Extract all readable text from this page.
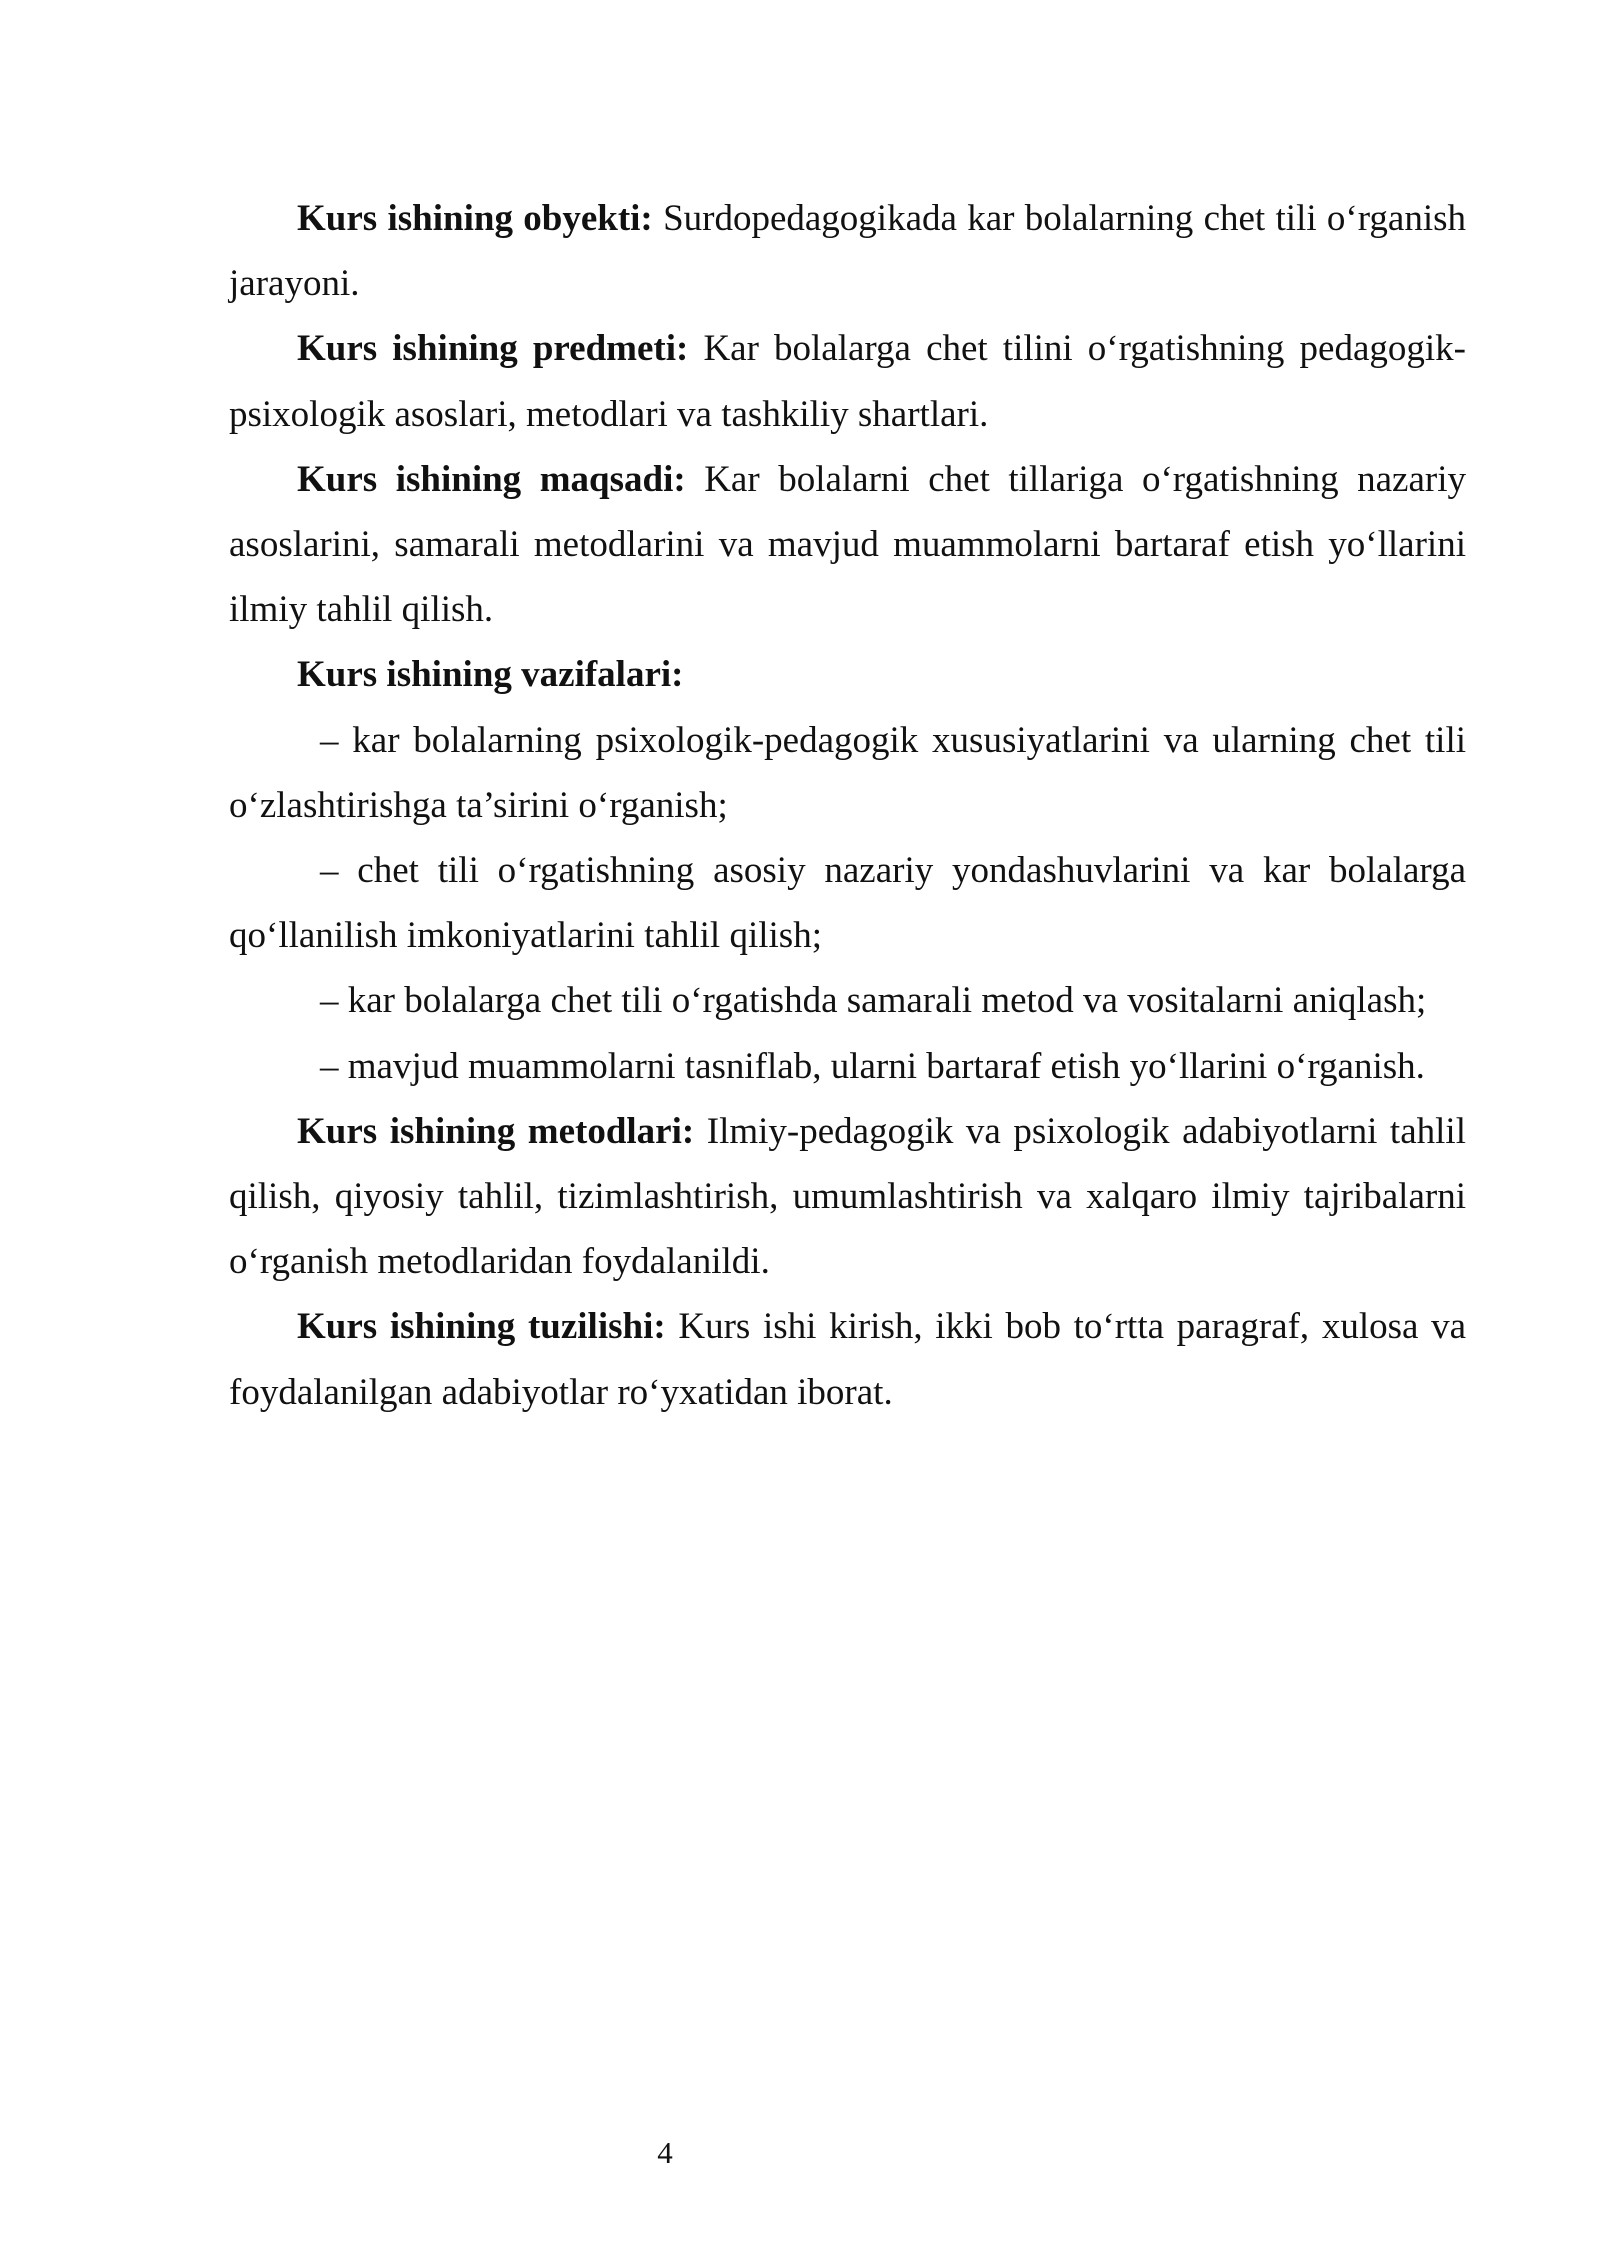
Kurs ishining obyekti: Surdopedagogikada kar bolalarning chet tili o‘rganish jarayoni.

Kurs ishining predmeti: Kar bolalarga chet tilini o‘rgatishning pedagogik-psixologik asoslari, metodlari va tashkiliy shartlari.

Kurs ishining maqsadi: Kar bolalarni chet tillariga o‘rgatishning nazariy asoslarini, samarali metodlarini va mavjud muammolarni bartaraf etish yo‘llarini ilmiy tahlil qilish.

Kurs ishining vazifalari:

– kar bolalarning psixologik-pedagogik xususiyatlarini va ularning chet tili o‘zlashtirishga ta’sirini o‘rganish;

– chet tili o‘rgatishning asosiy nazariy yondashuvlarini va kar bolalarga qo‘llanilish imkoniyatlarini tahlil qilish;

– kar bolalarga chet tili o‘rgatishda samarali metod va vositalarni aniqlash;

– mavjud muammolarni tasniflab, ularni bartaraf etish yo‘llarini o‘rganish.

Kurs ishining metodlari: Ilmiy-pedagogik va psixologik adabiyotlarni tahlil qilish, qiyosiy tahlil, tizimlashtirish, umumlashtirish va xalqaro ilmiy tajribalarni o‘rganish metodlaridan foydalanildi.

Kurs ishining tuzilishi: Kurs ishi kirish, ikki bob to‘rtta paragraf, xulosa va foydalanilgan adabiyotlar ro‘yxatidan iborat.

4
